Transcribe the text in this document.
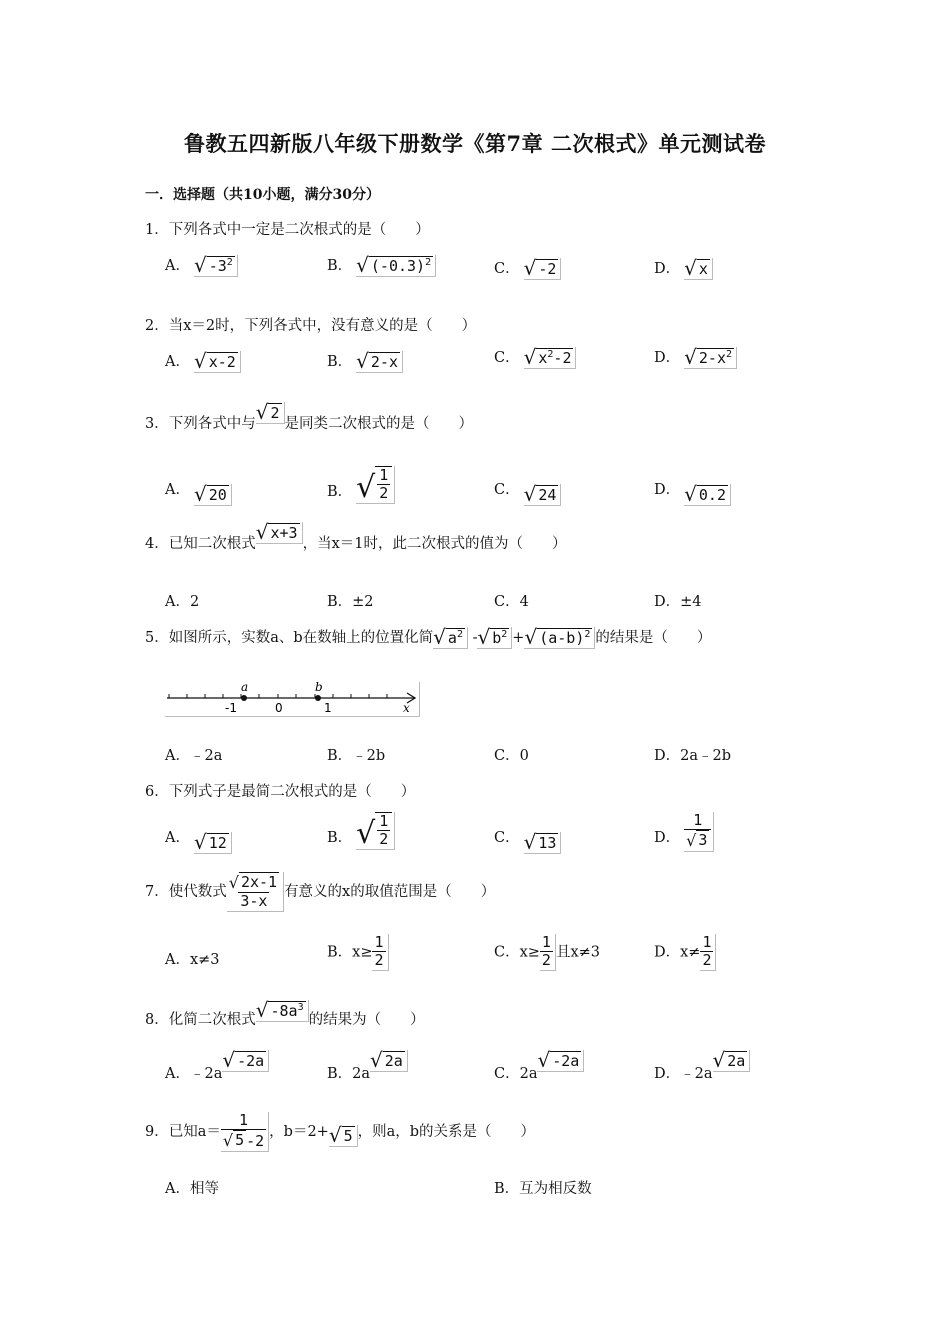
鲁教五四新版八年级下册数学《第7章 二次根式》单元测试卷
一．选择题（共10小题，满分30分）
1．下列各式中一定是二次根式的是（　　）
A． √ $-3^2$	B． √ $(-0.3)^2$	C． √ -2	D． √ x
2．当x＝2时，下列各式中，没有意义的是（　　）
A． √ x-2	B． √ 2-x	C． √ $x^2-2$	D． √ $2-x^2$
3．下列各式中与 √ 2
是同类二次根式的是（　　）
A． √ 20	B． √ $\frac{1}{2}$	C． √ 24	D． √ 0.2
4．已知二次根式 √ x+3
，当x＝1时，此二次根式的值为（　　）
A．2	B．±2	C．4	D．±4
5．如图所示，实数a、b在数轴上的位置化简 √ $a^2$ - √ $b^2$ + √ $(a-b)^2$ 的结果是（　　）
a	b
-1	0	1	x
A．﹣2a	B．﹣2b	C．0	D．2a﹣2b
6．下列式子是最简二次根式的是（　　）
A． √ 12	B． √ $\frac{1}{2}$	C． √ 13	D． $\frac{1}{√ 3}$
7．使代数式 $\frac{√ 2x-1}{3-x}$ 有意义的x的取值范围是（　　）
A．x≠3	B．$x\ge \frac{1}{2}$	C．$x\ge \frac{1}{2}$ 且x≠3	D．$x\ne \frac{1}{2}$
8．化简二次根式 √ $-8a^3$
的结果为（　　）
A．﹣2a
√ -2a
B．2a
√ 2a
C．2a
√ -2a
D．﹣2a
√ 2a
9．已知$a= \frac{1}{√ 5 -2}$ ，b＝2+ √ 5 ，则a，b的关系是（　　）
A．相等	B．互为相反数
